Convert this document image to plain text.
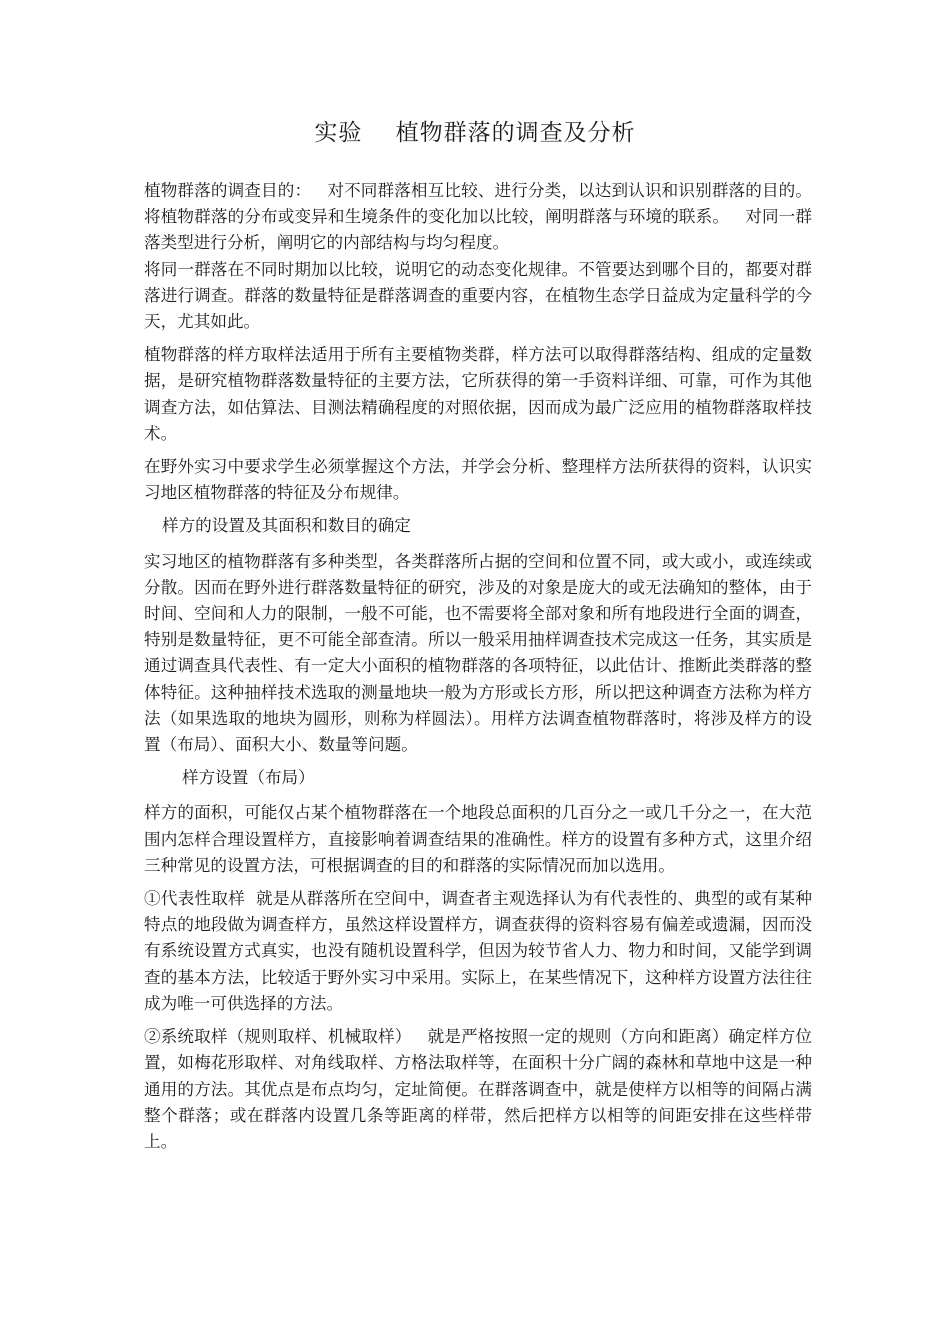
实验    植物群落的调查及分析

植物群落的调查目的：   对不同群落相互比较、进行分类，以达到认识和识别群落的目的。   将植物群落的分布或变异和生境条件的变化加以比较，阐明群落与环境的联系。   对同一群落类型进行分析，阐明它的内部结构与均匀程度。

将同一群落在不同时期加以比较，说明它的动态变化规律。不管要达到哪个目的，都要对群落进行调查。群落的数量特征是群落调查的重要内容，在植物生态学日益成为定量科学的今天，尤其如此。

植物群落的样方取样法适用于所有主要植物类群，样方法可以取得群落结构、组成的定量数据，是研究植物群落数量特征的主要方法，它所获得的第一手资料详细、可靠，可作为其他调查方法，如估算法、目测法精确程度的对照依据，因而成为最广泛应用的植物群落取样技术。

在野外实习中要求学生必须掌握这个方法，并学会分析、整理样方法所获得的资料，认识实习地区植物群落的特征及分布规律。

样方的设置及其面积和数目的确定

实习地区的植物群落有多种类型，各类群落所占据的空间和位置不同，或大或小，或连续或分散。因而在野外进行群落数量特征的研究，涉及的对象是庞大的或无法确知的整体，由于时间、空间和人力的限制，一般不可能，也不需要将全部对象和所有地段进行全面的调查，特别是数量特征，更不可能全部查清。所以一般采用抽样调查技术完成这一任务，其实质是通过调查具代表性、有一定大小面积的植物群落的各项特征，以此估计、推断此类群落的整体特征。这种抽样技术选取的测量地块一般为方形或长方形，所以把这种调查方法称为样方法（如果选取的地块为圆形，则称为样圆法）。用样方法调查植物群落时，将涉及样方的设置（布局）、面积大小、数量等问题。

样方设置（布局）

样方的面积，可能仅占某个植物群落在一个地段总面积的几百分之一或几千分之一，在大范围内怎样合理设置样方，直接影响着调查结果的准确性。样方的设置有多种方式，这里介绍三种常见的设置方法，可根据调查的目的和群落的实际情况而加以选用。

①代表性取样  就是从群落所在空间中，调查者主观选择认为有代表性的、典型的或有某种特点的地段做为调查样方，虽然这样设置样方，调查获得的资料容易有偏差或遗漏，因而没有系统设置方式真实，也没有随机设置科学，但因为较节省人力、物力和时间，又能学到调查的基本方法，比较适于野外实习中采用。实际上，在某些情况下，这种样方设置方法往往成为唯一可供选择的方法。

②系统取样（规则取样、机械取样）   就是严格按照一定的规则（方向和距离）确定样方位置，如梅花形取样、对角线取样、方格法取样等，在面积十分广阔的森林和草地中这是一种通用的方法。其优点是布点均匀，定址简便。在群落调查中，就是使样方以相等的间隔占满整个群落；或在群落内设置几条等距离的样带，然后把样方以相等的间距安排在这些样带上。
